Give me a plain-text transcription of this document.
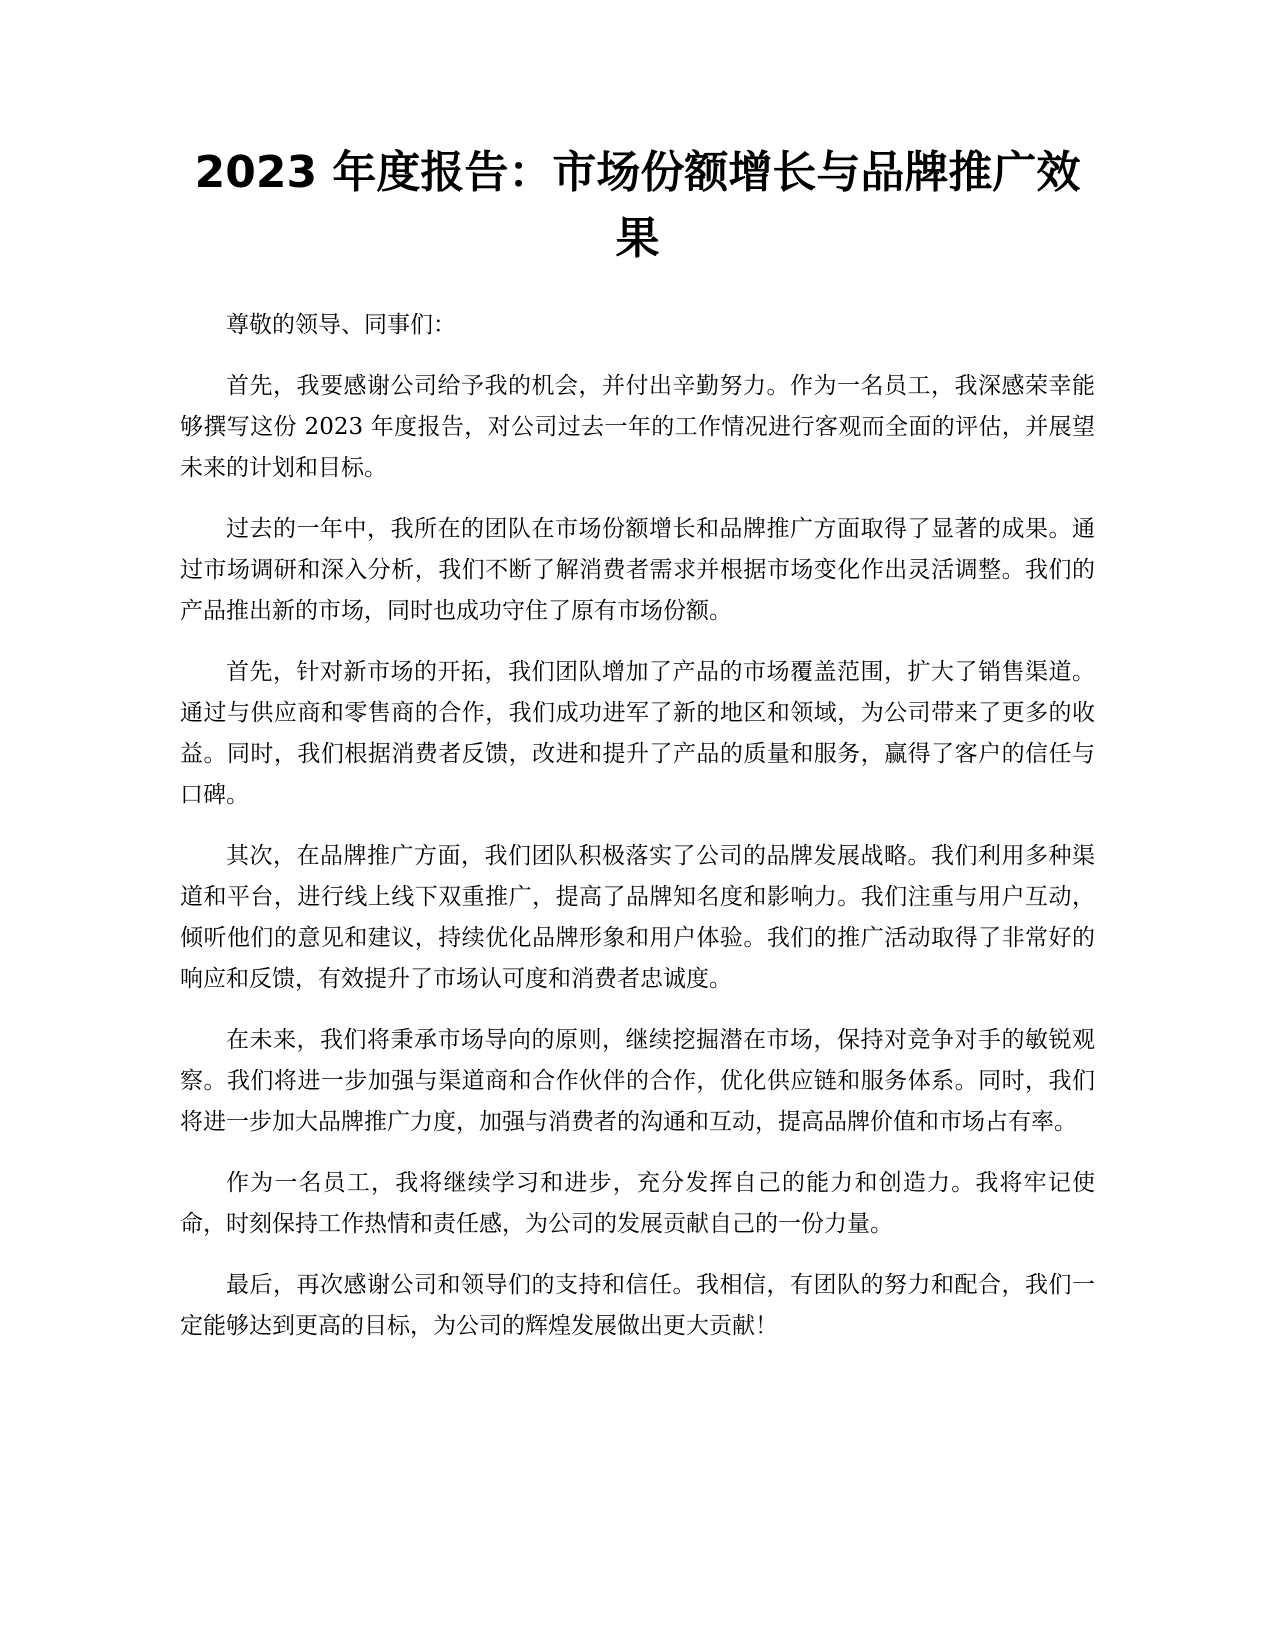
2023 年度报告：市场份额增长与品牌推广效果

尊敬的领导、同事们：

首先，我要感谢公司给予我的机会，并付出辛勤努力。作为一名员工，我深感荣幸能够撰写这份 2023 年度报告，对公司过去一年的工作情况进行客观而全面的评估，并展望未来的计划和目标。

过去的一年中，我所在的团队在市场份额增长和品牌推广方面取得了显著的成果。通过市场调研和深入分析，我们不断了解消费者需求并根据市场变化作出灵活调整。我们的产品推出新的市场，同时也成功守住了原有市场份额。

首先，针对新市场的开拓，我们团队增加了产品的市场覆盖范围，扩大了销售渠道。通过与供应商和零售商的合作，我们成功进军了新的地区和领域，为公司带来了更多的收益。同时，我们根据消费者反馈，改进和提升了产品的质量和服务，赢得了客户的信任与口碑。

其次，在品牌推广方面，我们团队积极落实了公司的品牌发展战略。我们利用多种渠道和平台，进行线上线下双重推广，提高了品牌知名度和影响力。我们注重与用户互动，倾听他们的意见和建议，持续优化品牌形象和用户体验。我们的推广活动取得了非常好的响应和反馈，有效提升了市场认可度和消费者忠诚度。

在未来，我们将秉承市场导向的原则，继续挖掘潜在市场，保持对竞争对手的敏锐观察。我们将进一步加强与渠道商和合作伙伴的合作，优化供应链和服务体系。同时，我们将进一步加大品牌推广力度，加强与消费者的沟通和互动，提高品牌价值和市场占有率。

作为一名员工，我将继续学习和进步，充分发挥自己的能力和创造力。我将牢记使命，时刻保持工作热情和责任感，为公司的发展贡献自己的一份力量。

最后，再次感谢公司和领导们的支持和信任。我相信，有团队的努力和配合，我们一定能够达到更高的目标，为公司的辉煌发展做出更大贡献！
